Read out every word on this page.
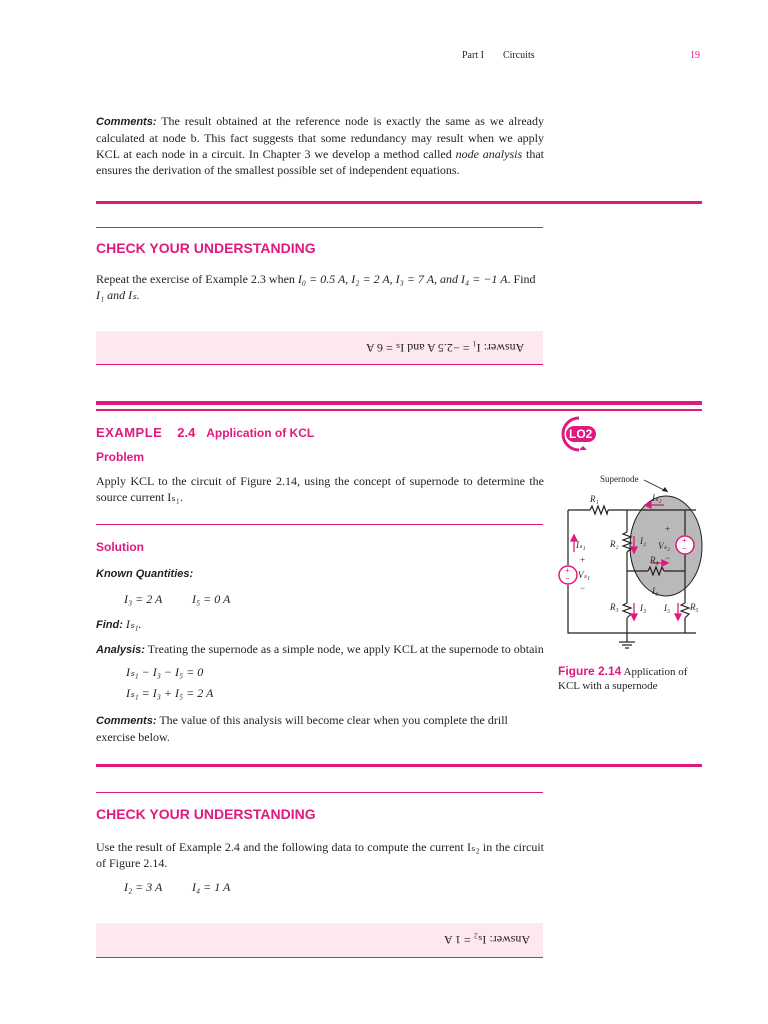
Part I Circuits	19
Comments: The result obtained at the reference node is exactly the same as we already calculated at node b. This fact suggests that some redundancy may result when we apply KCL at each node in a circuit. In Chapter 3 we develop a method called node analysis that ensures the derivation of the smallest possible set of independent equations.
CHECK YOUR UNDERSTANDING
Repeat the exercise of Example 2.3 when I₀ = 0.5 A, I₂ = 2 A, I₃ = 7 A, and I₄ = −1 A. Find
I₁ and Iₛ.
Answer: I₁ = −2.5 A and Iₛ = 6 A
EXAMPLE 2.4 Application of KCL	LO2
Problem
Apply KCL to the circuit of Figure 2.14, using the concept of supernode to determine the source current Iₛ₁.
Solution
Known Quantities:
I₃ = 2 A I₅ = 0 A
Find: Iₛ₁.
Analysis: Treating the supernode as a simple node, we apply KCL at the supernode to obtain
Iₛ₁ − I₃ − I₅ = 0
Iₛ₁ = I₃ + I₅ = 2 A
Comments: The value of this analysis will become clear when you complete the drill exercise below.
CHECK YOUR UNDERSTANDING
Use the result of Example 2.4 and the following data to compute the current Iₛ₂ in the circuit of Figure 2.14.
I₂ = 3 A I₄ = 1 A
Answer: Iₛ₂ = 1 A
+
−
+
−
Supernode
R₁	Iₛ₂
Iₛ₁
+
Vₛ₁
−
R₂ I₂
+
Vₛ₂
−
R₄
I₄
R₃ I₃ I₅ R₅
Figure 2.14 Application of KCL with a supernode
